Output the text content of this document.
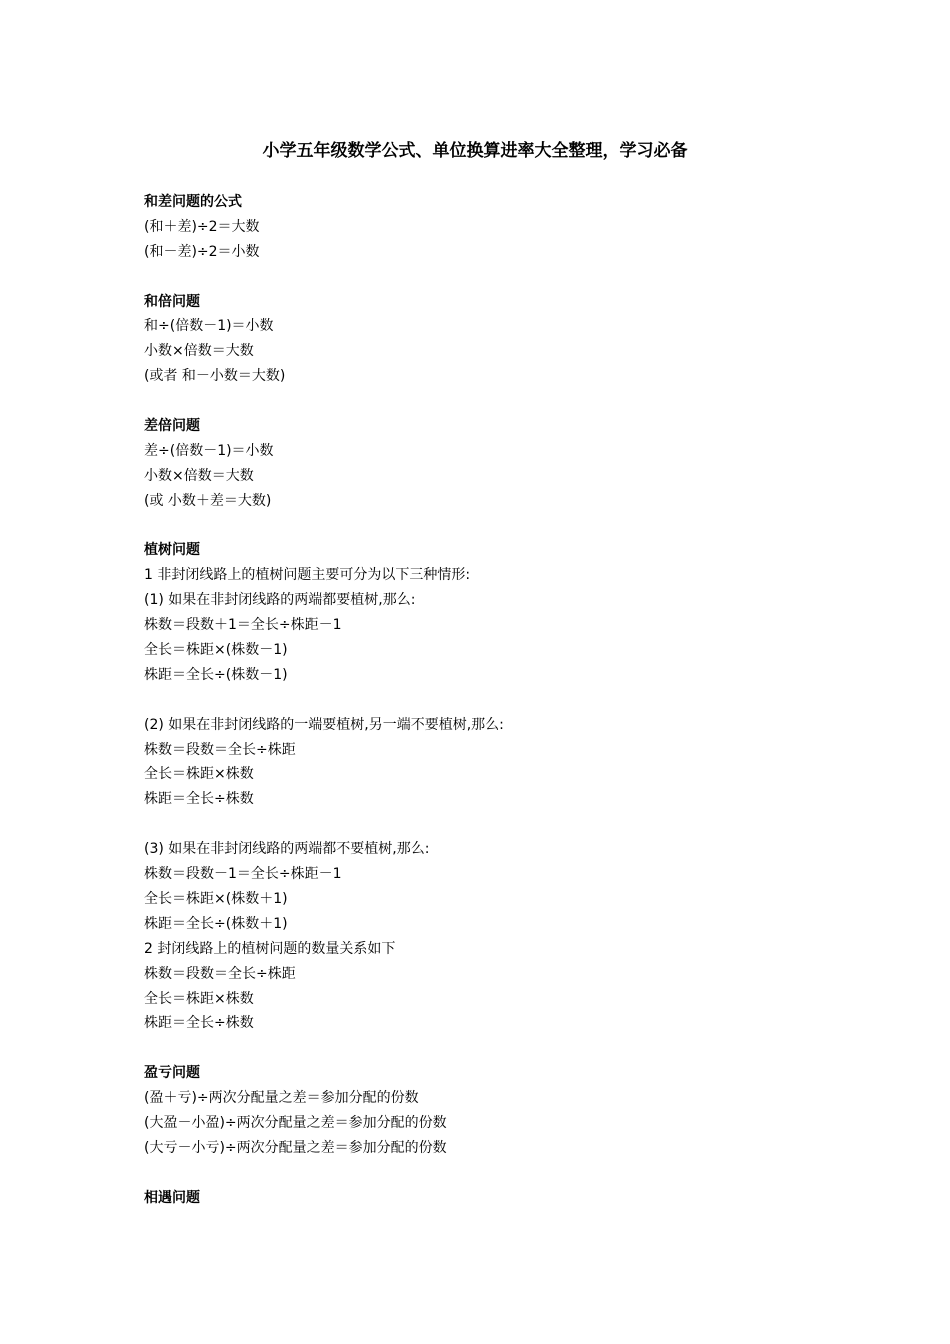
小学五年级数学公式、单位换算进率大全整理，学习必备
和差问题的公式
(和＋差)÷2＝大数
(和－差)÷2＝小数
和倍问题
和÷(倍数－1)＝小数
小数×倍数＝大数
(或者 和－小数＝大数)
差倍问题
差÷(倍数－1)＝小数
小数×倍数＝大数
(或 小数＋差＝大数)
植树问题
1 非封闭线路上的植树问题主要可分为以下三种情形:
(1) 如果在非封闭线路的两端都要植树,那么:
株数＝段数＋1＝全长÷株距－1
全长＝株距×(株数－1)
株距＝全长÷(株数－1)
(2) 如果在非封闭线路的一端要植树,另一端不要植树,那么:
株数＝段数＝全长÷株距
全长＝株距×株数
株距＝全长÷株数
(3) 如果在非封闭线路的两端都不要植树,那么:
株数＝段数－1＝全长÷株距－1
全长＝株距×(株数＋1)
株距＝全长÷(株数＋1)
2 封闭线路上的植树问题的数量关系如下
株数＝段数＝全长÷株距
全长＝株距×株数
株距＝全长÷株数
盈亏问题
(盈＋亏)÷两次分配量之差＝参加分配的份数
(大盈－小盈)÷两次分配量之差＝参加分配的份数
(大亏－小亏)÷两次分配量之差＝参加分配的份数
相遇问题
